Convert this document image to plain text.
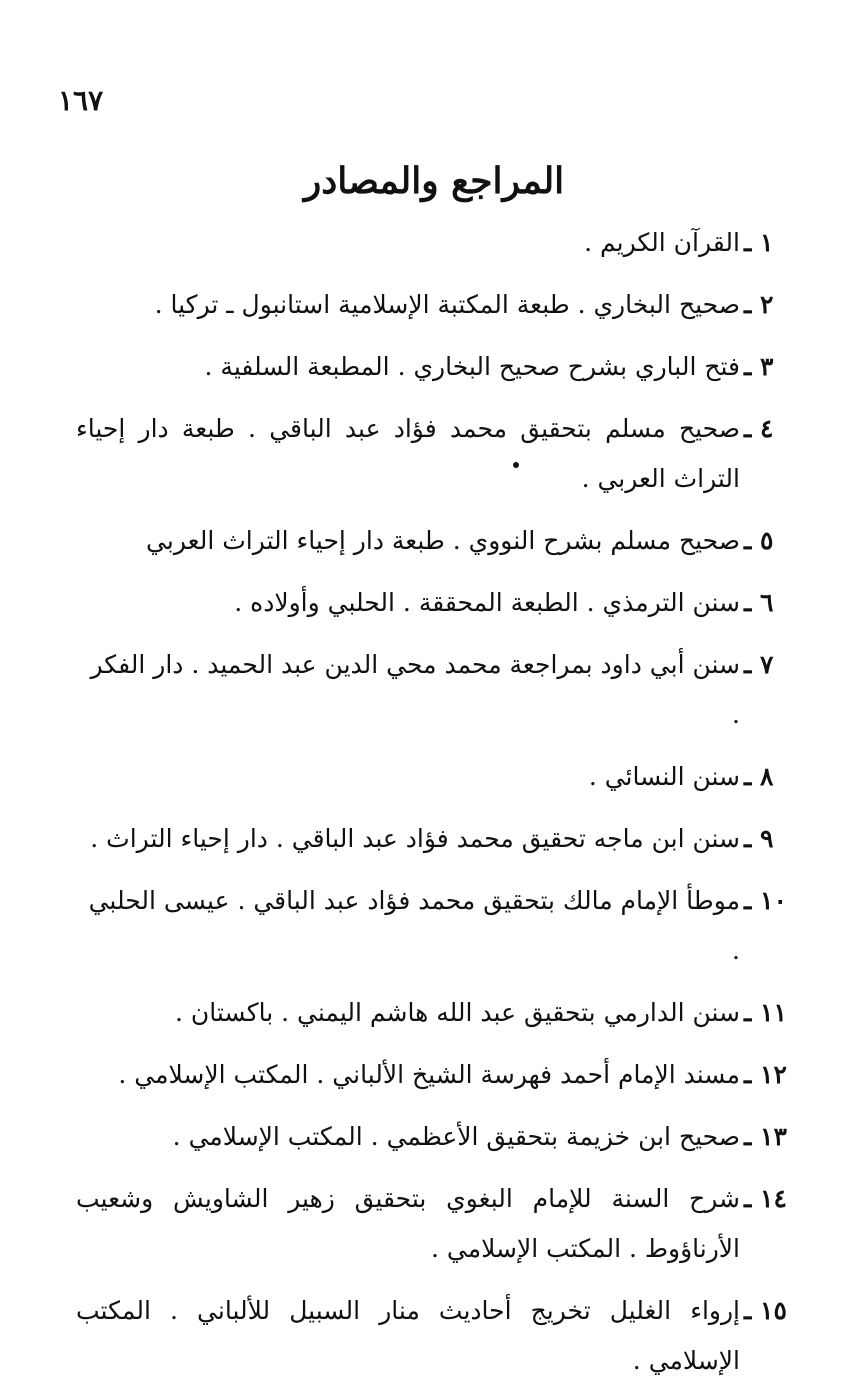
١٦٧
المراجع والمصادر
١ ـ
القرآن الكريم .
٢ ـ
صحيح البخاري . طبعة المكتبة الإسلامية استانبول ـ تركيا .
٣ ـ
فتح الباري بشرح صحيح البخاري . المطبعة السلفية .
٤ ـ
صحيح مسلم بتحقيق محمد فؤاد عبد الباقي . طبعة دار إحياء التراث العربي .
٥ ـ
صحيح مسلم بشرح النووي . طبعة دار إحياء التراث العربي
٦ ـ
سنن الترمذي . الطبعة المحققة . الحلبي وأولاده .
٧ ـ
سنن أبي داود بمراجعة محمد محي الدين عبد الحميد . دار الفكر .
٨ ـ
سنن النسائي .
٩ ـ
سنن ابن ماجه تحقيق محمد فؤاد عبد الباقي . دار إحياء التراث .
١٠ ـ
موطأ الإمام مالك بتحقيق محمد فؤاد عبد الباقي . عيسى الحلبي .
١١ ـ
سنن الدارمي بتحقيق عبد الله هاشم اليمني . باكستان .
١٢ ـ
مسند الإمام أحمد فهرسة الشيخ الألباني . المكتب الإسلامي .
١٣ ـ
صحيح ابن خزيمة بتحقيق الأعظمي . المكتب الإسلامي .
١٤ ـ
شرح السنة للإمام البغوي بتحقيق زهير الشاويش وشعيب الأرناؤوط . المكتب الإسلامي .
١٥ ـ
إرواء الغليل تخريج أحاديث منار السبيل للألباني . المكتب الإسلامي .
